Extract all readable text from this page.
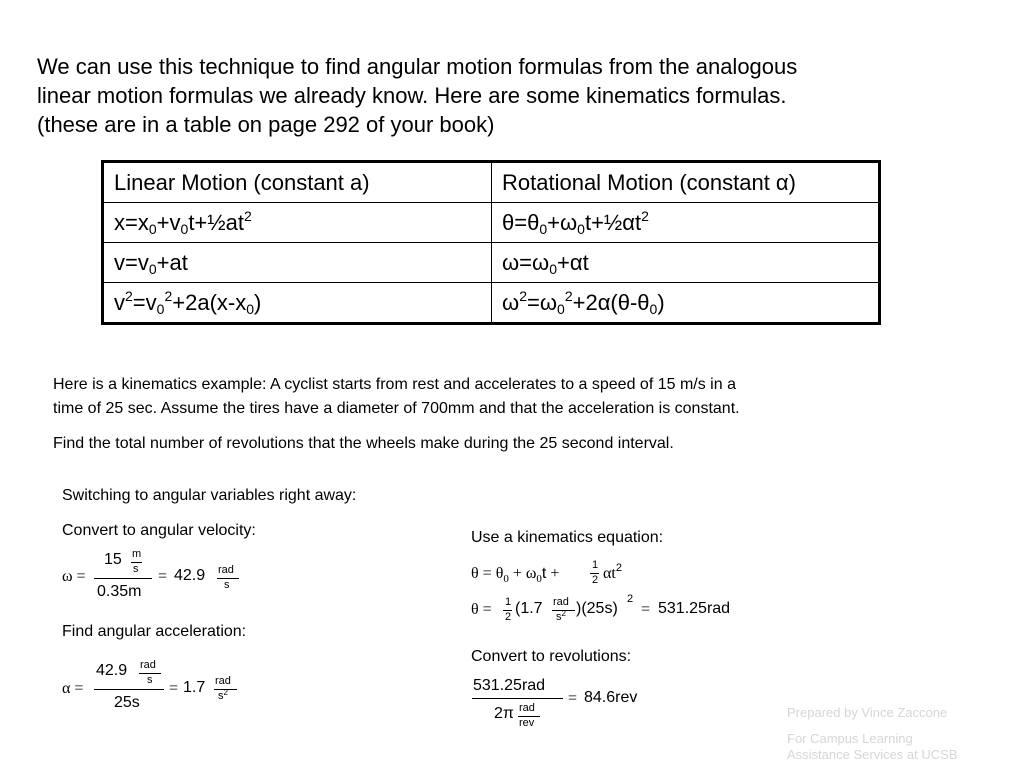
We can use this technique to find angular motion formulas from the analogous
linear motion formulas we already know. Here are some kinematics formulas.
(these are in a table on page 292 of your book)
Linear Motion (constant a)	Rotational Motion (constant α)
$x=x_0+v_0t+\frac{1}{2}at^2$	$\theta=\theta_0+\omega_0t+\frac{1}{2}\alpha t^2$
$v=v_0+at$	$\omega=\omega_0+\alpha t$
$v^2=v_0^2+2a(x-x_0)$	$\omega^2=\omega_0^2+2\alpha(\theta-\theta_0)$
Here is a kinematics example: A cyclist starts from rest and accelerates to a speed of 15 m/s in a
time of 25 sec. Assume the tires have a diameter of 700mm and that the acceleration is constant.
Find the total number of revolutions that the wheels make during the 25 second interval.
Switching to angular variables right away:
Convert to angular velocity:
Find angular acceleration:
Use a kinematics equation:
Convert to revolutions:
ω =
15 m
s
0.35m
= 42.9 rad
s
α =
42.9 rad
s
25s
= 1.7 rad
$s^2$
$\theta = \theta_0 + \omega_0t$ +	1
2 $\alpha t^2$
θ = 1
2 (1.7 rad
$s^2$ )(25s)
2
= 531.25rad
531.25rad
2π rad
rev
= 84.6rev
Prepared by Vince Zaccone
For Campus Learning
Assistance Services at UCSB
